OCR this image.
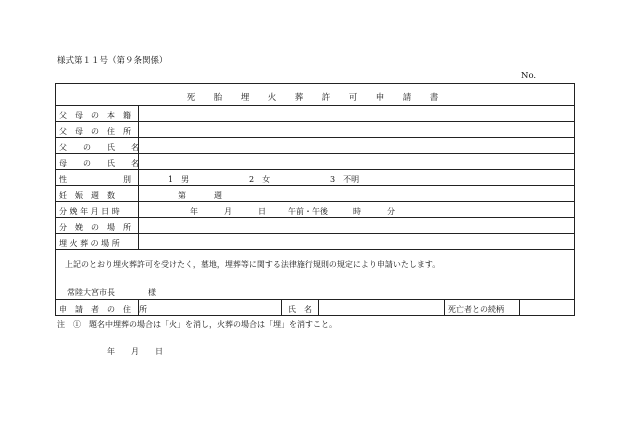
様式第１１号（第９条関係）
No.
死　胎　埋　火　葬　許　可　申　請　書
父　母　の　本　籍
父　母　の　住　所
父　　の　　氏　　名
母　　の　　氏　　名
性　　　　　　　別	1　男	2　女	3　不明
妊　娠　週　数	第	週
分 娩 年 月 日 時	年	月	日	午前・午後	時	分
分　娩　の　場　所
埋 火 葬 の 場 所
上記のとおり埋火葬許可を受けたく，墓地，埋葬等に関する法律施行規則の規定により申請いたします。
常陸大宮市長	様
申　請　者　の　住　所	氏　名	死亡者との続柄
注　①　題名中埋葬の場合は「火」を消し，火葬の場合は「埋」を消すこと。
年 月 日
